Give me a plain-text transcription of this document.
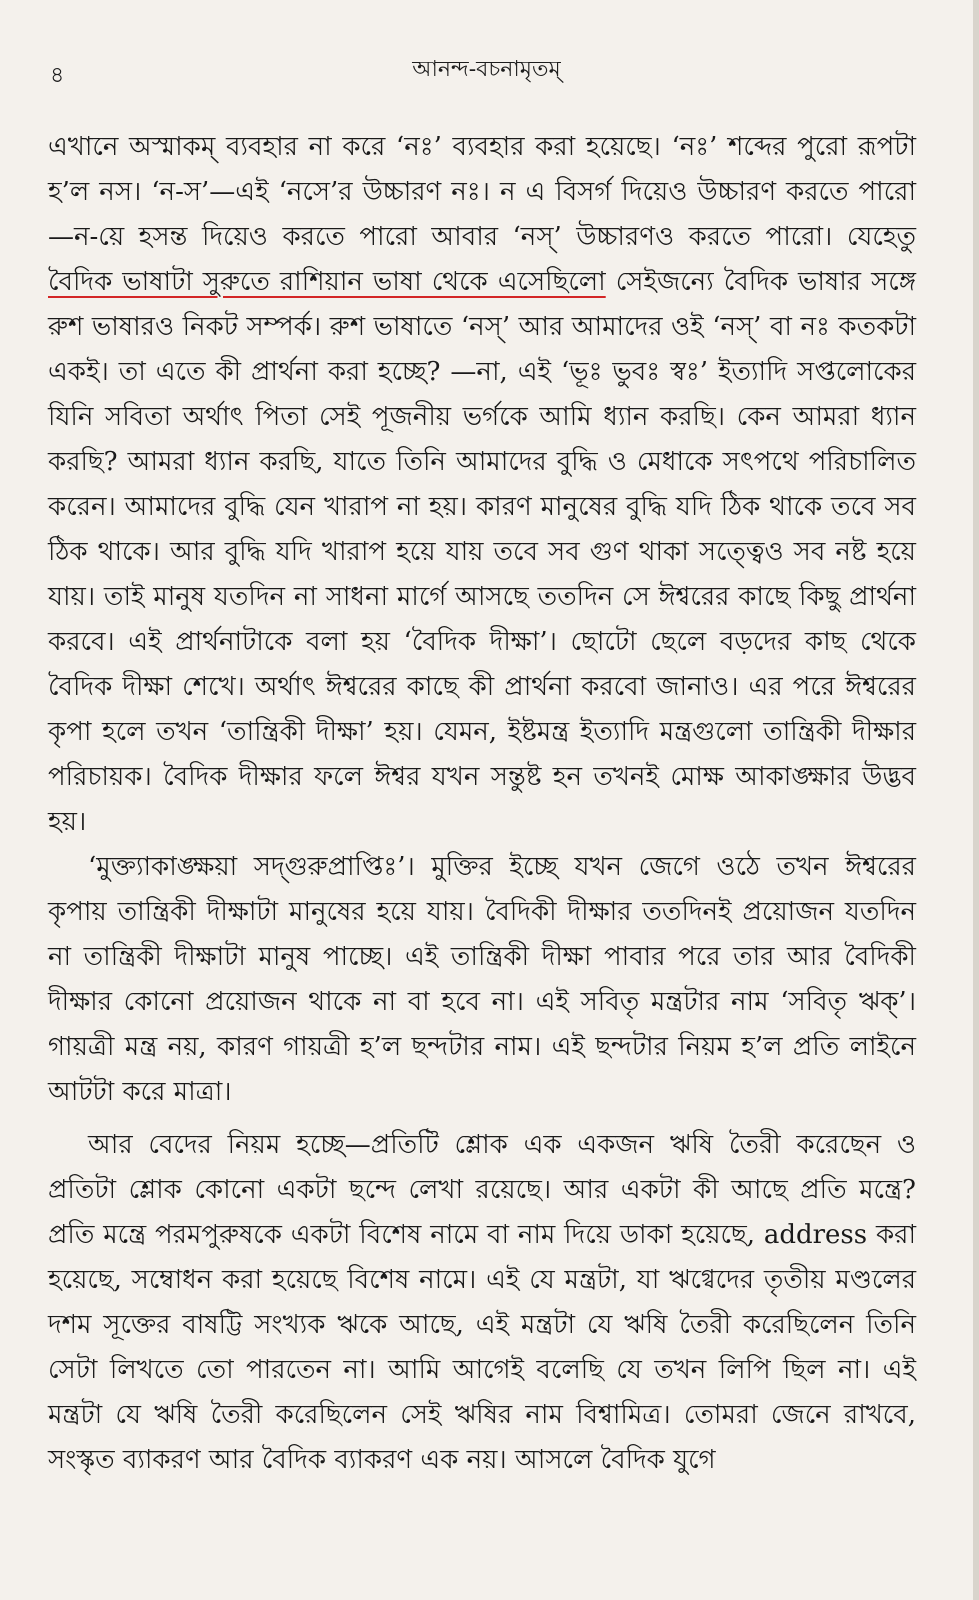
৪	আনন্দ-বচনামৃতম্

এখানে অস্মাকম্ ব্যবহার না করে ‘নঃ’ ব্যবহার করা হয়েছে। ‘নঃ’ শব্দের পুরো রূপটা হ’ল নস। ‘ন-স’—এই ‘নসে’র উচ্চারণ নঃ। ন এ বিসর্গ দিয়েও উচ্চারণ করতে পারো—ন-য়ে হসন্ত দিয়েও করতে পারো আবার ‘নস্’ উচ্চারণও করতে পারো। যেহেতু বৈদিক ভাষাটা সুরুতে রাশিয়ান ভাষা থেকে এসেছিলো সেইজন্যে বৈদিক ভাষার সঙ্গে রুশ ভাষারও নিকট সম্পর্ক। রুশ ভাষাতে ‘নস্’ আর আমাদের ওই ‘নস্’ বা নঃ কতকটা একই। তা এতে কী প্রার্থনা করা হচ্ছে? —না, এই ‘ভূঃ ভুবঃ স্বঃ’ ইত্যাদি সপ্তলোকের যিনি সবিতা অর্থাৎ পিতা সেই পূজনীয় ভর্গকে আমি ধ্যান করছি। কেন আমরা ধ্যান করছি? আমরা ধ্যান করছি, যাতে তিনি আমাদের বুদ্ধি ও মেধাকে সৎপথে পরিচালিত করেন। আমাদের বুদ্ধি যেন খারাপ না হয়। কারণ মানুষের বুদ্ধি যদি ঠিক থাকে তবে সব ঠিক থাকে। আর বুদ্ধি যদি খারাপ হয়ে যায় তবে সব গুণ থাকা সত্ত্বেও সব নষ্ট হয়ে যায়। তাই মানুষ যতদিন না সাধনা মার্গে আসছে ততদিন সে ঈশ্বরের কাছে কিছু প্রার্থনা করবে। এই প্রার্থনাটাকে বলা হয় ‘বৈদিক দীক্ষা’। ছোটো ছেলে বড়দের কাছ থেকে বৈদিক দীক্ষা শেখে। অর্থাৎ ঈশ্বরের কাছে কী প্রার্থনা করবো জানাও। এর পরে ঈশ্বরের কৃপা হলে তখন ‘তান্ত্রিকী দীক্ষা’ হয়। যেমন, ইষ্টমন্ত্র ইত্যাদি মন্ত্রগুলো তান্ত্রিকী দীক্ষার পরিচায়ক। বৈদিক দীক্ষার ফলে ঈশ্বর যখন সন্তুষ্ট হন তখনই মোক্ষ আকাঙ্ক্ষার উদ্ভব হয়।

‘মুক্ত্যাকাঙ্ক্ষয়া সদ্‌গুরুপ্রাপ্তিঃ’। মুক্তির ইচ্ছে যখন জেগে ওঠে তখন ঈশ্বরের কৃপায় তান্ত্রিকী দীক্ষাটা মানুষের হয়ে যায়। বৈদিকী দীক্ষার ততদিনই প্রয়োজন যতদিন না তান্ত্রিকী দীক্ষাটা মানুষ পাচ্ছে। এই তান্ত্রিকী দীক্ষা পাবার পরে তার আর বৈদিকী দীক্ষার কোনো প্রয়োজন থাকে না বা হবে না। এই সবিতৃ মন্ত্রটার নাম ‘সবিতৃ ঋক্’। গায়ত্রী মন্ত্র নয়, কারণ গায়ত্রী হ’ল ছন্দটার নাম। এই ছন্দটার নিয়ম হ’ল প্রতি লাইনে আটটা করে মাত্রা।

আর বেদের নিয়ম হচ্ছে—প্রতিটি শ্লোক এক একজন ঋষি তৈরী করেছেন ও প্রতিটা শ্লোক কোনো একটা ছন্দে লেখা রয়েছে। আর একটা কী আছে প্রতি মন্ত্রে? প্রতি মন্ত্রে পরমপুরুষকে একটা বিশেষ নামে বা নাম দিয়ে ডাকা হয়েছে, address করা হয়েছে, সম্বোধন করা হয়েছে বিশেষ নামে। এই যে মন্ত্রটা, যা ঋগ্বেদের তৃতীয় মণ্ডলের দশম সূক্তের বাষট্টি সংখ্যক ঋকে আছে, এই মন্ত্রটা যে ঋষি তৈরী করেছিলেন তিনি সেটা লিখতে তো পারতেন না। আমি আগেই বলেছি যে তখন লিপি ছিল না। এই মন্ত্রটা যে ঋষি তৈরী করেছিলেন সেই ঋষির নাম বিশ্বামিত্র। তোমরা জেনে রাখবে, সংস্কৃত ব্যাকরণ আর বৈদিক ব্যাকরণ এক নয়। আসলে বৈদিক যুগে
